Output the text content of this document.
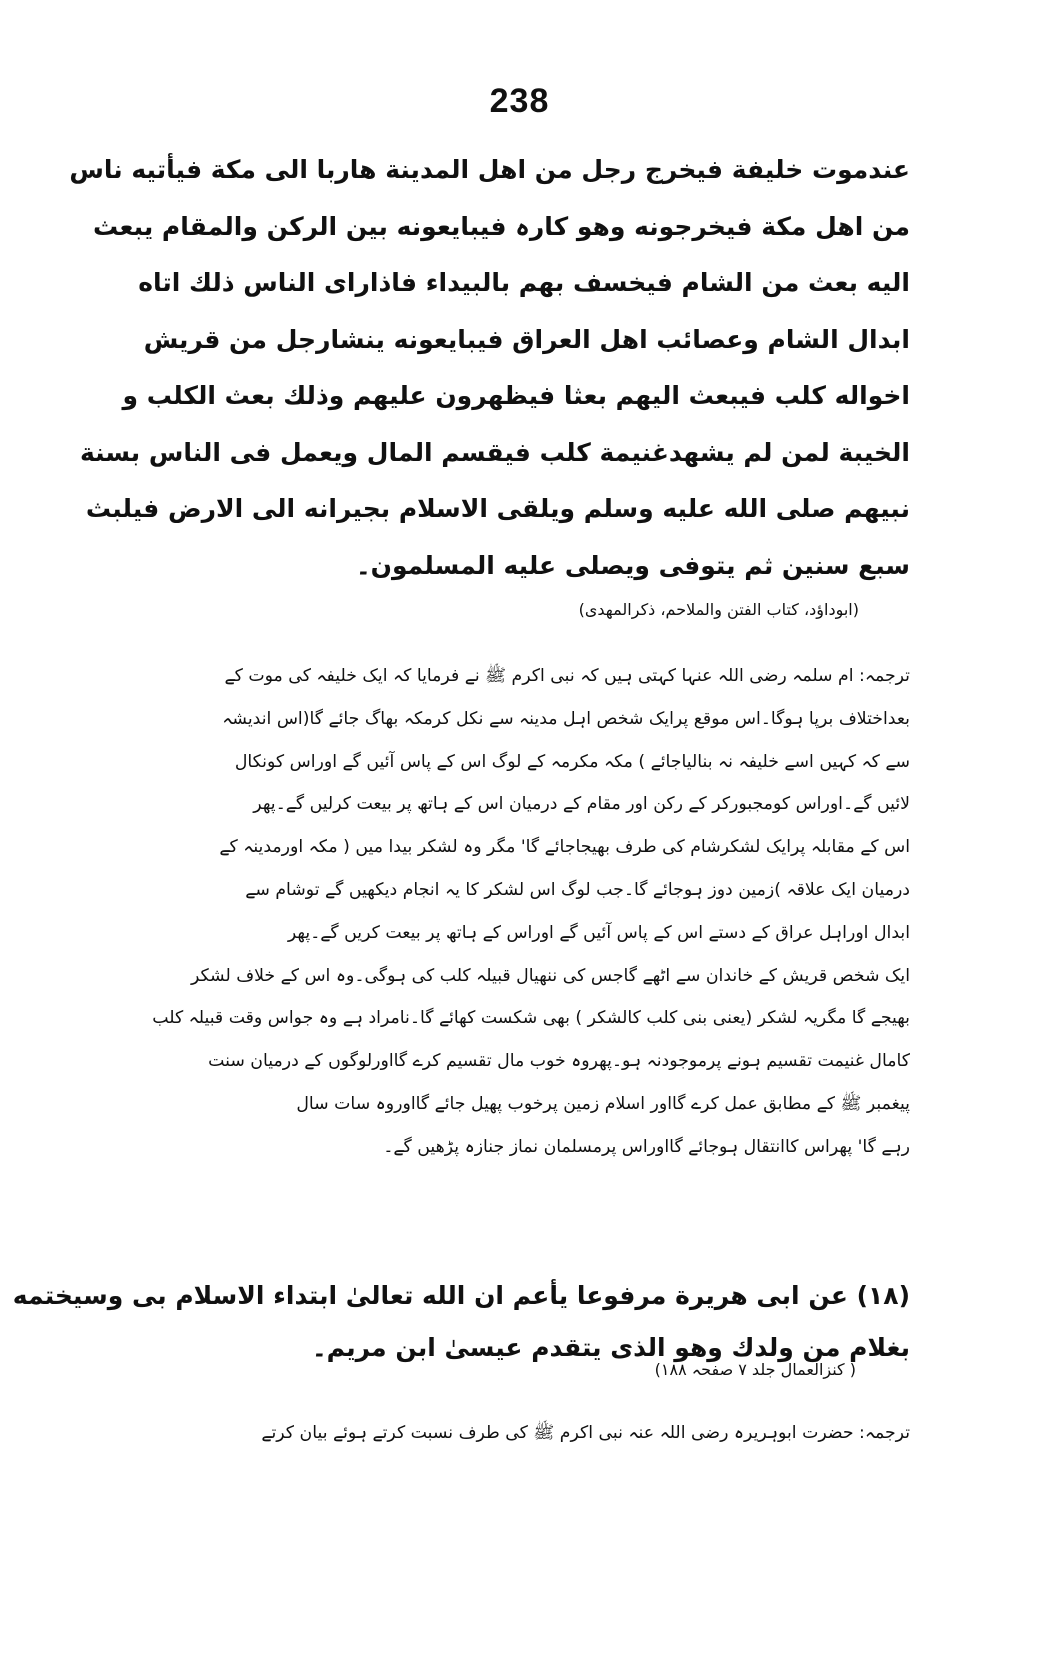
238
عندموت خليفة فيخرج رجل من اهل المدينة هاربا الى مكة فيأتيه ناس
من اهل مكة فيخرجونه وهو كارہ فيبايعونه بين الركن والمقام يبعث
اليه بعث من الشام فيخسف بهم بالبيداء فاذارای الناس ذلك اتاه
ابدال الشام وعصائب اهل العراق فيبايعونه ينشارجل من قريش
اخواله كلب فيبعث اليهم بعثا فيظهرون عليهم وذلك بعث الكلب و
الخيبة لمن لم يشهدغنيمة كلب فيقسم المال ويعمل فى الناس بسنة
نبيهم صلى الله عليه وسلم ويلقى الاسلام بجيرانه الى الارض فيلبث
سبع سنين ثم يتوفى ويصلى عليه المسلمون۔
(ابوداؤد، کتاب الفتن والملاحم، ذکرالمهدی)
ترجمہ: ام سلمہ رضی اللہ عنہا کہتی ہیں کہ نبی اکرم ﷺ نے فرمایا کہ ایک خلیفہ کی موت کے
بعداختلاف برپا ہوگا۔اس موقع پرایک شخص اہل مدینہ سے نکل کرمکہ بھاگ جائے گا(اس اندیشہ
سے کہ کہیں اسے خلیفہ نہ بنالیاجائے ) مکہ مکرمہ کے لوگ اس کے پاس آئیں گے اوراس کونکال
لائیں گے۔اوراس کومجبورکر کے رکن اور مقام کے درمیان اس کے ہاتھ پر بیعت کرلیں گے۔پھر
اس کے مقابلہ پرایک لشکرشام کی طرف بھیجاجائے گا' مگر وہ لشکر بیدا میں ( مکہ اورمدینہ کے
درمیان ایک علاقہ )زمین دوز ہوجائے گا۔جب لوگ اس لشکر کا یہ انجام دیکھیں گے توشام سے
ابدال اوراہل عراق کے دستے اس کے پاس آئیں گے اوراس کے ہاتھ پر بیعت کریں گے۔پھر
ایک شخص قریش کے خاندان سے اٹھے گاجس کی ننھیال قبیلہ کلب کی ہوگی۔وہ اس کے خلاف لشکر
بھیجے گا مگریہ لشکر (یعنی بنی کلب کالشکر ) بھی شکست کھائے گا۔نامراد ہے وہ جواس وقت قبیلہ کلب
کامال غنیمت تقسیم ہونے پرموجودنہ ہو۔پھروہ خوب مال تقسیم کرے گااورلوگوں کے درمیان سنت
پیغمبر ﷺ کے مطابق عمل کرے گااور اسلام زمین پرخوب پھیل جائے گااوروہ سات سال
رہے گا' پھراس کاانتقال ہوجائے گااوراس پرمسلمان نماز جنازہ پڑھیں گے۔
(۱۸) عن ابى هريرة مرفوعا يأعم ان الله تعالىٰ ابتداء الاسلام بى وسيختمه
بغلام من ولدك وهو الذى يتقدم عيسىٰ ابن مريم۔
( کنزالعمال جلد ۷ صفحہ ۱۸۸)
ترجمہ: حضرت ابوہریرہ رضی اللہ عنہ نبی اکرم ﷺ کی طرف نسبت کرتے ہوئے بیان کرتے
